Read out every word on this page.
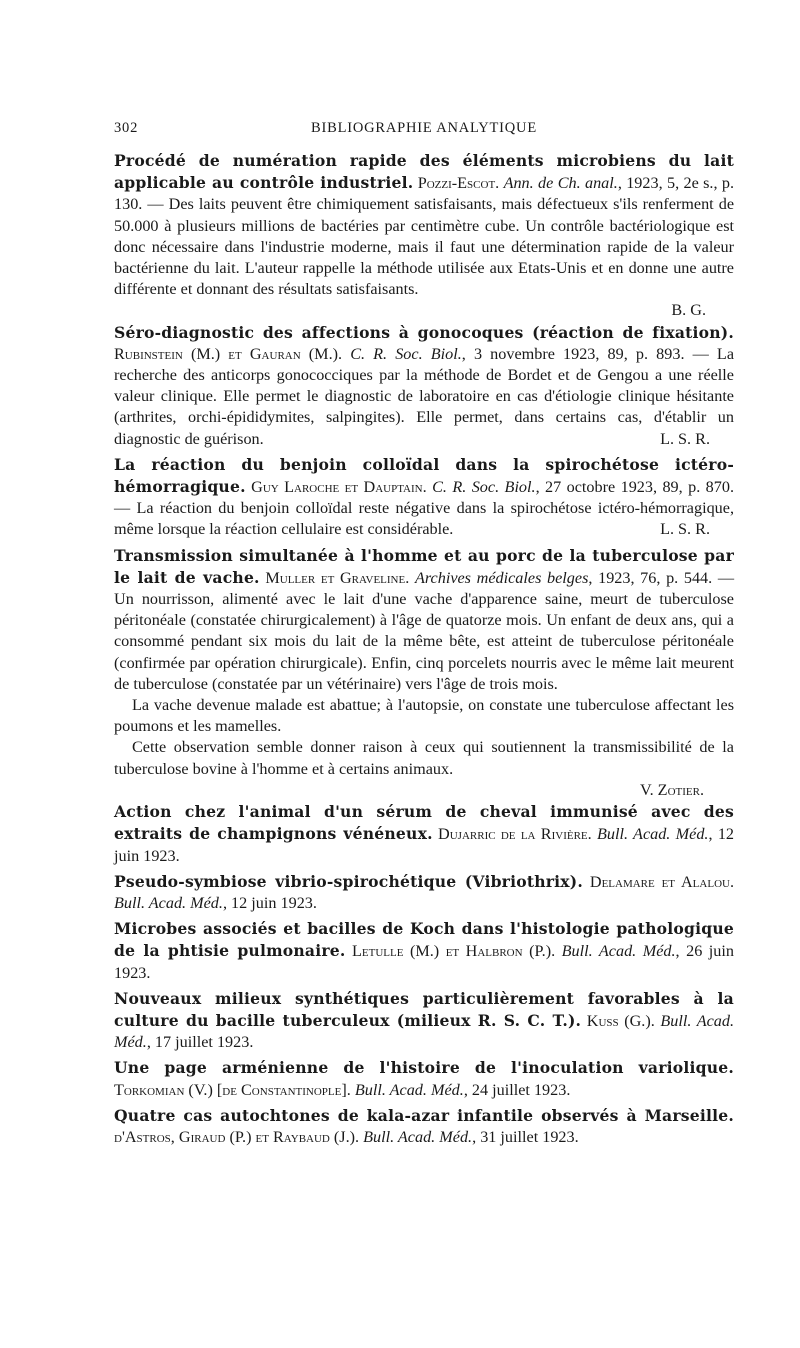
302	BIBLIOGRAPHIE ANALYTIQUE

Procédé de numération rapide des éléments microbiens du lait applicable au contrôle industriel. Pozzi-Escot. Ann. de Ch. anal., 1923, 5, 2e s., p. 130. — Des laits peuvent être chimiquement satisfaisants, mais défectueux s'ils renferment de 50.000 à plusieurs millions de bactéries par centimètre cube. Un contrôle bactériologique est donc nécessaire dans l'industrie moderne, mais il faut une détermination rapide de la valeur bactérienne du lait. L'auteur rappelle la méthode utilisée aux Etats-Unis et en donne une autre différente et donnant des résultats satisfaisants.

B. G.

Séro-diagnostic des affections à gonocoques (réaction de fixation). Rubinstein (M.) et Gauran (M.). C. R. Soc. Biol., 3 novembre 1923, 89, p. 893. — La recherche des anticorps gonococciques par la méthode de Bordet et de Gengou a une réelle valeur clinique. Elle permet le diagnostic de laboratoire en cas d'étiologie clinique hésitante (arthrites, orchi-épididymites, salpingites). Elle permet, dans certains cas, d'établir un diagnostic de guérison.	L. S. R.

La réaction du benjoin colloïdal dans la spirochétose ictéro-hémorragique. Guy Laroche et Dauptain. C. R. Soc. Biol., 27 octobre 1923, 89, p. 870. — La réaction du benjoin colloïdal reste négative dans la spirochétose ictéro-hémorragique, même lorsque la réaction cellulaire est considérable.	L. S. R.

Transmission simultanée à l'homme et au porc de la tuberculose par le lait de vache. Muller et Graveline. Archives médicales belges, 1923, 76, p. 544. — Un nourrisson, alimenté avec le lait d'une vache d'apparence saine, meurt de tuberculose péritonéale (constatée chirurgicalement) à l'âge de quatorze mois. Un enfant de deux ans, qui a consommé pendant six mois du lait de la même bête, est atteint de tuberculose péritonéale (confirmée par opération chirurgicale). Enfin, cinq porcelets nourris avec le même lait meurent de tuberculose (constatée par un vétérinaire) vers l'âge de trois mois.

La vache devenue malade est abattue; à l'autopsie, on constate une tuberculose affectant les poumons et les mamelles.

Cette observation semble donner raison à ceux qui soutiennent la transmissibilité de la tuberculose bovine à l'homme et à certains animaux.

V. Zotier.

Action chez l'animal d'un sérum de cheval immunisé avec des extraits de champignons vénéneux. Dujarric de la Rivière. Bull. Acad. Méd., 12 juin 1923.

Pseudo-symbiose vibrio-spirochétique (Vibriothrix). Delamare et Alalou. Bull. Acad. Méd., 12 juin 1923.

Microbes associés et bacilles de Koch dans l'histologie pathologique de la phtisie pulmonaire. Letulle (M.) et Halbron (P.). Bull. Acad. Méd., 26 juin 1923.

Nouveaux milieux synthétiques particulièrement favorables à la culture du bacille tuberculeux (milieux R. S. C. T.). Kuss (G.). Bull. Acad. Méd., 17 juillet 1923.

Une page arménienne de l'histoire de l'inoculation variolique. Torkomian (V.) [de Constantinople]. Bull. Acad. Méd., 24 juillet 1923.

Quatre cas autochtones de kala-azar infantile observés à Marseille. d'Astros, Giraud (P.) et Raybaud (J.). Bull. Acad. Méd., 31 juillet 1923.
